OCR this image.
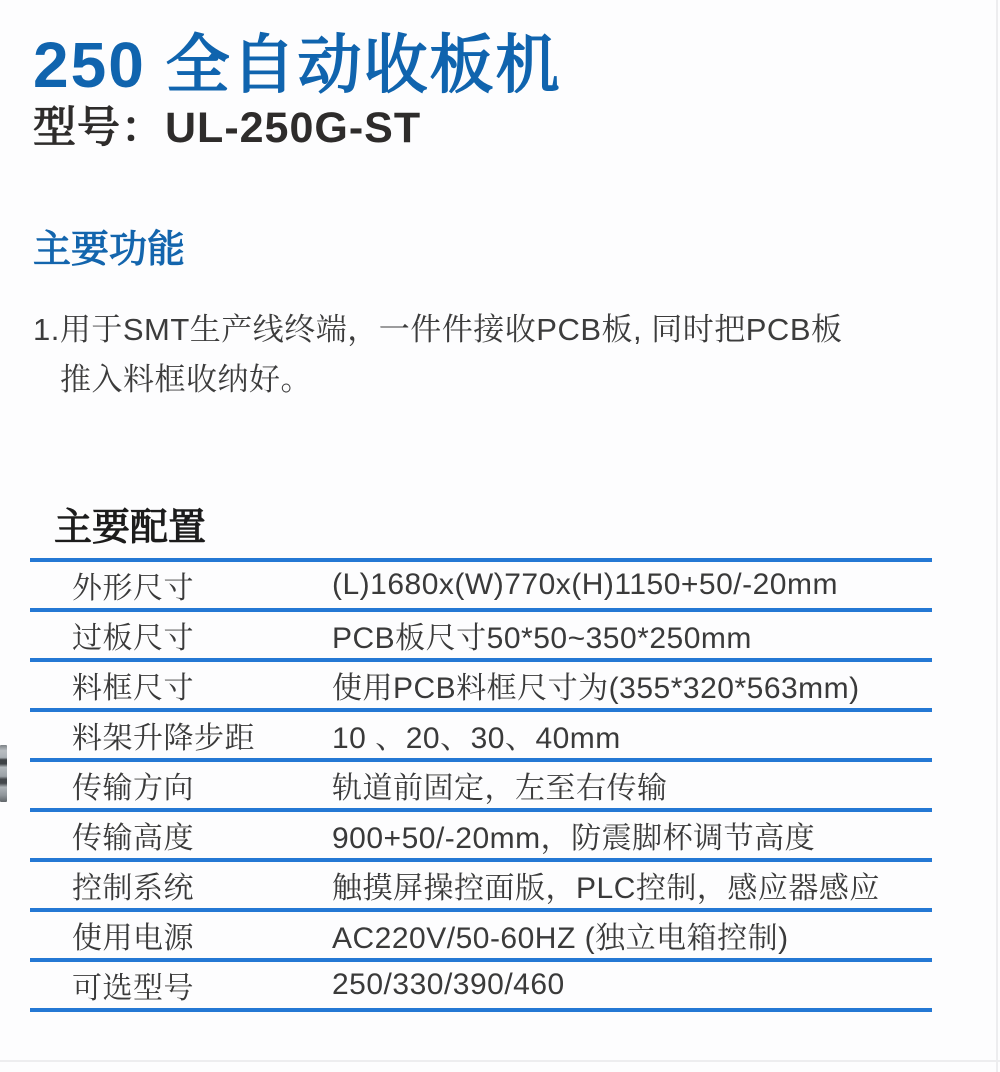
250 全自动收板机
型号：UL-250G-ST
主要功能
1.用于SMT生产线终端，一件件接收PCB板, 同时把PCB板
推入料框收纳好。
主要配置
外形尺寸	(L)1680x(W)770x(H)1150+50/-20mm
过板尺寸	PCB板尺寸50*50~350*250mm
料框尺寸	使用PCB料框尺寸为(355*320*563mm)
料架升降步距	10 、20、30、40mm
传输方向	轨道前固定，左至右传输
传输高度	900+50/-20mm，防震脚杯调节高度
控制系统	触摸屏操控面版，PLC控制，感应器感应
使用电源	AC220V/50-60HZ (独立电箱控制)
可选型号	250/330/390/460
